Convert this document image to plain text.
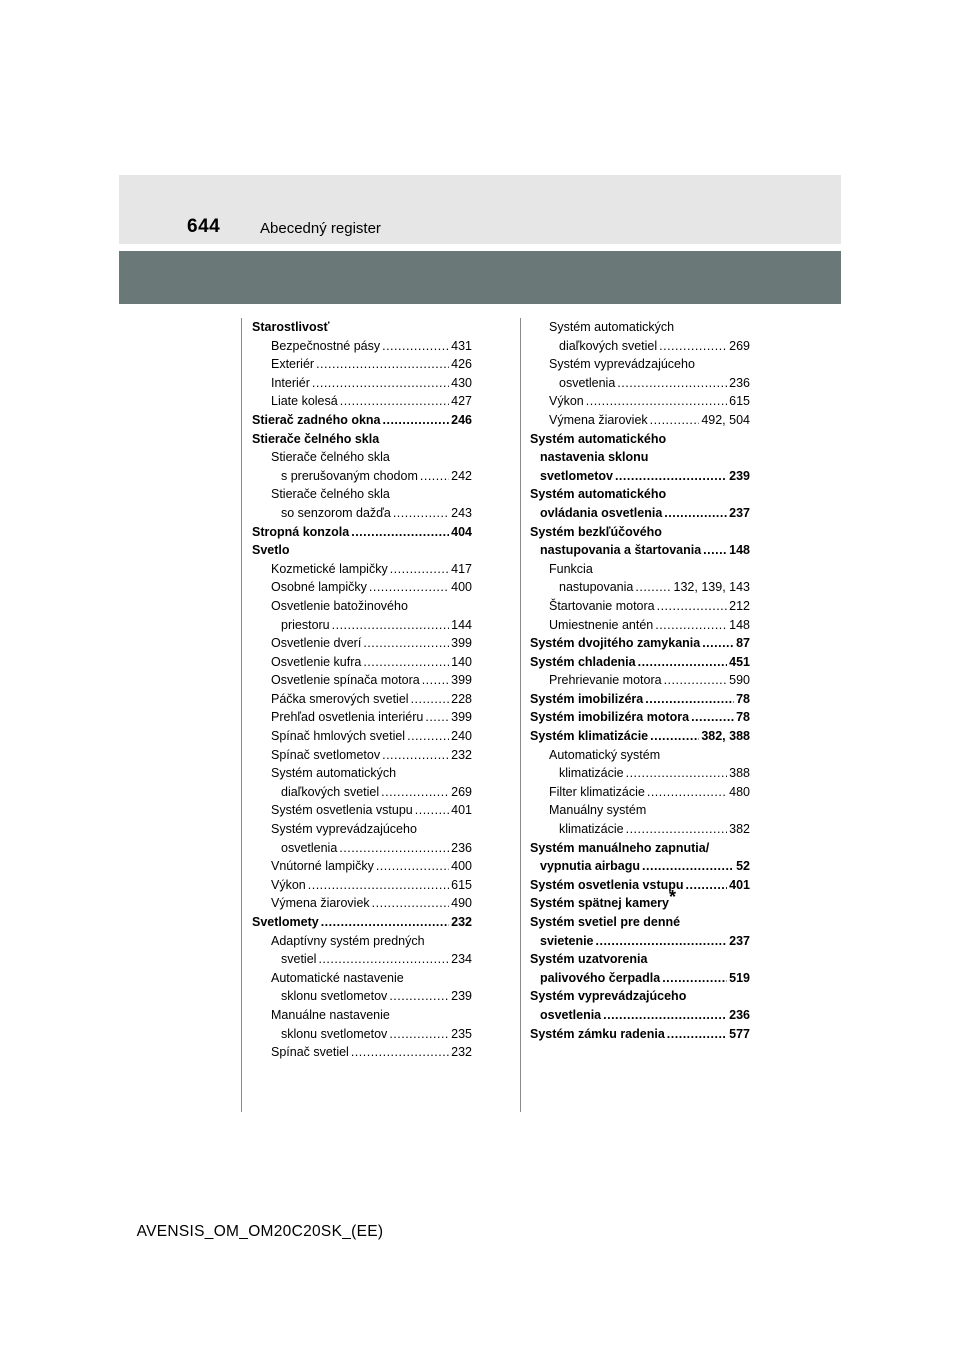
644	Abecedný register
Starostlivosť
Bezpečnostné pásy .....	431
Exteriér .....	426
Interiér .....	430
Liate kolesá .....	427
Stierač zadného okna .....	246
Stierače čelného skla
Stierače čelného skla
s prerušovaným chodom .....	242
Stierače čelného skla
so senzorom dažďa .....	243
Stropná konzola .....	404
Svetlo
Kozmetické lampičky .....	417
Osobné lampičky .....	400
Osvetlenie batožinového
priestoru .....	144
Osvetlenie dverí .....	399
Osvetlenie kufra .....	140
Osvetlenie spínača motora .....	399
Páčka smerových svetiel .....	228
Prehľad osvetlenia interiéru ..... 399
Spínač hmlových svetiel .....	240
Spínač svetlometov .....	232
Systém automatických
diaľkových svetiel .....	269
Systém osvetlenia vstupu .....	401
Systém vyprevádzajúceho
osvetlenia .....	236
Vnútorné lampičky .....	400
Výkon .....	615
Výmena žiaroviek .....	490
Svetlomety .....	232
Adaptívny systém predných
svetiel .....	234
Automatické nastavenie
sklonu svetlometov .....	239
Manuálne nastavenie
sklonu svetlometov .....	235
Spínač svetiel .....	232
Systém automatických
diaľkových svetiel .....	269
Systém vyprevádzajúceho
osvetlenia .....	236
Výkon .....	615
Výmena žiaroviek .....	492, 504
Systém automatického
nastavenia sklonu
svetlometov .....	239
Systém automatického
ovládania osvetlenia .....	237
Systém bezkľúčového
nastupovania a štartovania ..... 148
Funkcia
nastupovania .....	132, 139, 143
Štartovanie motora .....	212
Umiestnenie antén .....	148
Systém dvojitého zamykania .....	87
Systém chladenia .....	451
Prehrievanie motora .....	590
Systém imobilizéra .....	78
Systém imobilizéra motora .....	78
Systém klimatizácie .....	382, 388
Automatický systém
klimatizácie .....	388
Filter klimatizácie .....	480
Manuálny systém
klimatizácie .....	382
Systém manuálneho zapnutia/
vypnutia airbagu .....	52
Systém osvetlenia vstupu .....	401
Systém spätnej kamery*
Systém svetiel pre denné
svietenie .....	237
Systém uzatvorenia
palivového čerpadla .....	519
Systém vyprevádzajúceho
osvetlenia .....	236
Systém zámku radenia .....	577
AVENSIS_OM_OM20C20SK_(EE)
